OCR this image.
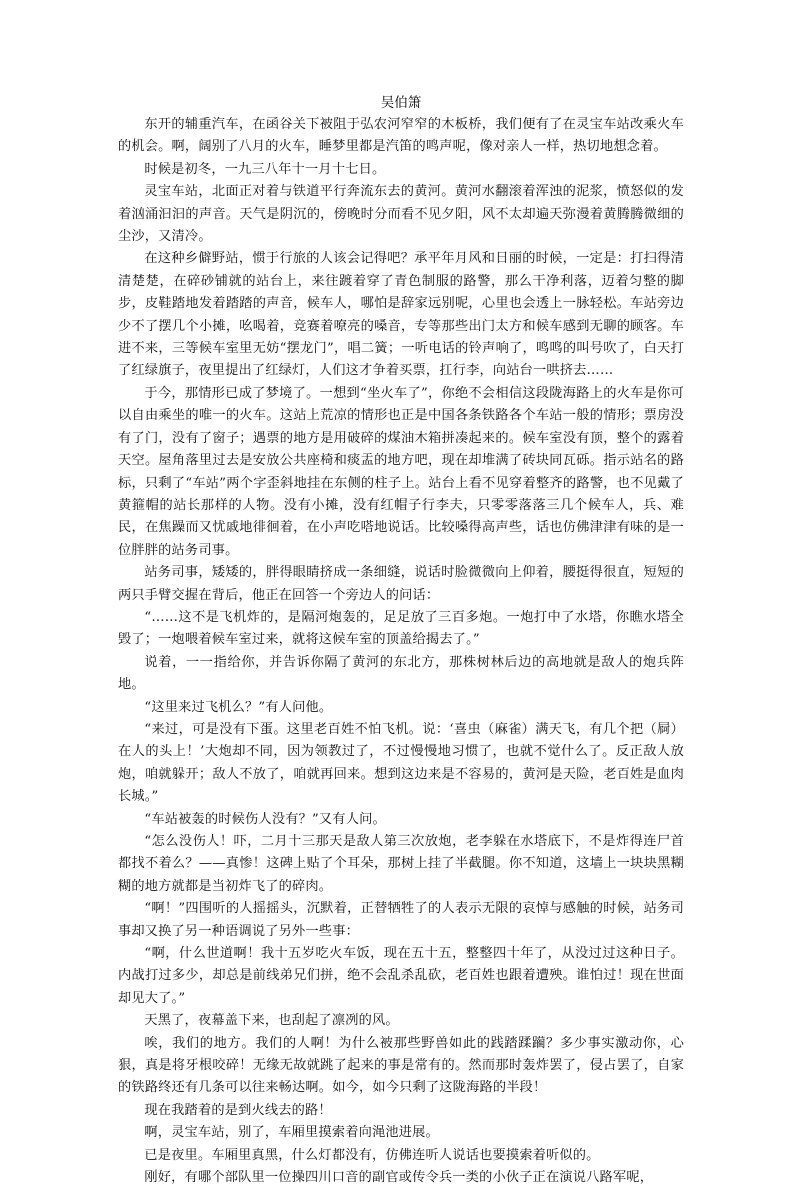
吴伯箫

东开的辅重汽车，在函谷关下被阻于弘农河窄窄的木板桥，我们便有了在灵宝车站改乘火车的机会。啊，阔别了八月的火车，睡梦里都是汽笛的鸣声呢，像对亲人一样，热切地想念着。

时候是初冬，一九三八年十一月十七日。

灵宝车站，北面正对着与铁道平行奔流东去的黄河。黄河水翻滚着浑浊的泥浆，愤怒似的发着汹涌汩汩的声音。天气是阴沉的，傍晚时分而看不见夕阳，风不太却遍天弥漫着黄腾腾微细的尘沙，又清冷。

在这种乡僻野站，惯于行旅的人该会记得吧？承平年月风和日丽的时候，一定是：打扫得清清楚楚，在碎砂铺就的站台上，来往踱着穿了青色制服的路警，那么干净利落，迈着匀整的脚步，皮鞋踏地发着踏踏的声音，候车人，哪怕是辞家远别呢，心里也会透上一脉轻松。车站旁边少不了摆几个小摊，吆喝着，竞赛着嘹亮的嗓音，专等那些出门太方和候车感到无聊的顾客。车进不来，三等候车室里无妨“摆龙门”，唱二簧；一听电话的铃声响了，鸣鸣的叫号吹了，白天打了红绿旗子，夜里提出了红绿灯，人们这才争着买票，扛行李，向站台一哄挤去……

于今，那情形已成了梦境了。一想到“坐火车了”，你绝不会相信这段陇海路上的火车是你可以自由乘坐的唯一的火车。这站上荒凉的情形也正是中国各条铁路各个车站一般的情形；票房没有了门，没有了窗子；遇票的地方是用破碎的煤油木箱拼凑起来的。候车室没有顶，整个的露着天空。屋角落里过去是安放公共座椅和痰盂的地方吧，现在却堆满了砖块同瓦砾。指示站名的路标，只剩了“车站”两个字歪斜地挂在东侧的柱子上。站台上看不见穿着整齐的路警，也不见戴了黄箍帽的站长那样的人物。没有小摊，没有红帽子行李夫，只零零落落三几个候车人，兵、难民，在焦躁而又忧戚地徘徊着，在小声吃嗒地说话。比较嗓得高声些，话也仿佛津津有味的是一位胖胖的站务司事。

站务司事，矮矮的，胖得眼睛挤成一条细缝，说话时脸微微向上仰着，腰挺得很直，短短的两只手臂交握在背后，他正在回答一个旁边人的问话：

“……这不是飞机炸的，是隔河炮轰的，足足放了三百多炮。一炮打中了水塔，你瞧水塔全毁了；一炮喂着候车室过来，就将这候车室的顶盖给揭去了。”

说着，一一指给你，并告诉你隔了黄河的东北方，那株树林后边的高地就是敌人的炮兵阵地。

“这里来过飞机么？”有人问他。

“来过，可是没有下蛋。这里老百姓不怕飞机。说：‘喜虫（麻雀）满天飞，有几个把（屙）在人的头上！’大炮却不同，因为领教过了，不过慢慢地习惯了，也就不觉什么了。反正敌人放炮，咱就躲开；敌人不放了，咱就再回来。想到这边来是不容易的，黄河是天险，老百姓是血肉长城。”

“车站被轰的时候伤人没有？”又有人问。

“怎么没伤人！吓，二月十三那天是敌人第三次放炮，老李躲在水塔底下，不是炸得连尸首都找不着么？——真惨！这碑上贴了个耳朵，那树上挂了半截腿。你不知道，这墙上一块块黑糊糊的地方就都是当初炸飞了的碎肉。

“啊！”四围听的人摇摇头，沉默着，正替牺牲了的人表示无限的哀悼与感触的时候，站务司事却又换了另一种语调说了另外一些事：

“啊，什么世道啊！我十五岁吃火车饭，现在五十五，整整四十年了，从没过过这种日子。内战打过多少，却总是前线弟兄们拼，绝不会乱杀乱砍，老百姓也跟着遭殃。谁怕过！现在世面却见大了。”

天黑了，夜幕盖下来，也刮起了凛冽的风。

唉，我们的地方。我们的人啊！为什么被那些野兽如此的践踏蹂躏？多少事实激动你，心狠，真是将牙根咬碎！无缘无故就跳了起来的事是常有的。然而那时轰炸罢了，侵占罢了，自家的铁路终还有几条可以往来畅达啊。如今，如今只剩了这陇海路的半段！

现在我踏着的是到火线去的路！

啊，灵宝车站，别了，车厢里摸索着向渑池进展。

已是夜里。车厢里真黑，什么灯都没有，仿佛连听人说话也要摸索着听似的。

刚好，有哪个部队里一位操四川口音的副官或传令兵一类的小伙子正在演说八路军呢，
